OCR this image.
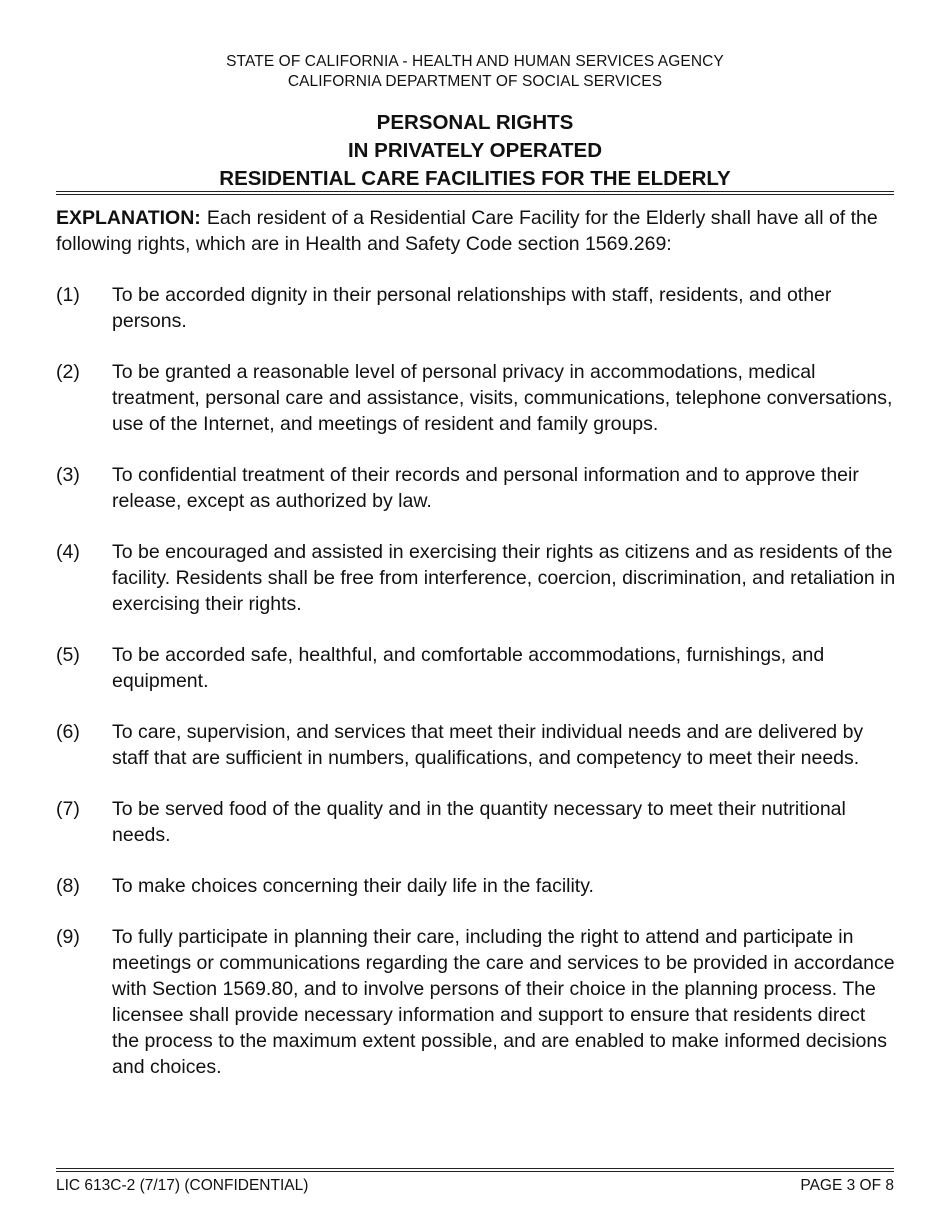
STATE OF CALIFORNIA - HEALTH AND HUMAN SERVICES AGENCY
CALIFORNIA DEPARTMENT OF SOCIAL SERVICES
PERSONAL RIGHTS
IN PRIVATELY OPERATED
RESIDENTIAL CARE FACILITIES FOR THE ELDERLY
EXPLANATION: Each resident of a Residential Care Facility for the Elderly shall have all of the following rights, which are in Health and Safety Code section 1569.269:
(1)	To be accorded dignity in their personal relationships with staff, residents, and other persons.
(2)	To be granted a reasonable level of personal privacy in accommodations, medical treatment, personal care and assistance, visits, communications, telephone conversations, use of the Internet, and meetings of resident and family groups.
(3)	To confidential treatment of their records and personal information and to approve their release, except as authorized by law.
(4)	To be encouraged and assisted in exercising their rights as citizens and as residents of the facility. Residents shall be free from interference, coercion, discrimination, and retaliation in exercising their rights.
(5)	To be accorded safe, healthful, and comfortable accommodations, furnishings, and equipment.
(6)	To care, supervision, and services that meet their individual needs and are delivered by staff that are sufficient in numbers, qualifications, and competency to meet their needs.
(7)	To be served food of the quality and in the quantity necessary to meet their nutritional needs.
(8)	To make choices concerning their daily life in the facility.
(9)	To fully participate in planning their care, including the right to attend and participate in meetings or communications regarding the care and services to be provided in accordance with Section 1569.80, and to involve persons of their choice in the planning process. The licensee shall provide necessary information and support to ensure that residents direct the process to the maximum extent possible, and are enabled to make informed decisions and choices.
LIC 613C-2 (7/17) (CONFIDENTIAL)	PAGE 3 OF 8
